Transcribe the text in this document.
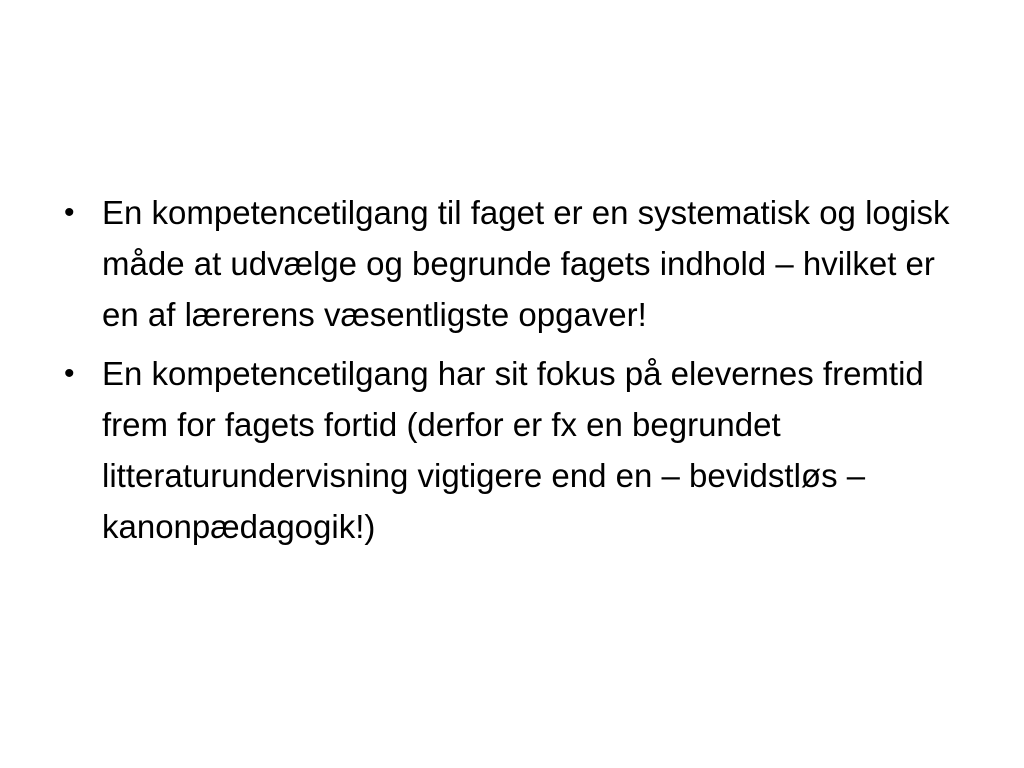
• En kompetencetilgang til faget er en systematisk og logisk måde at udvælge og begrunde fagets indhold – hvilket er en af lærerens væsentligste opgaver!
• En kompetencetilgang har sit fokus på elevernes fremtid frem for fagets fortid (derfor er fx en begrundet litteraturundervisning vigtigere end en – bevidstløs – kanonpædagogik!)
